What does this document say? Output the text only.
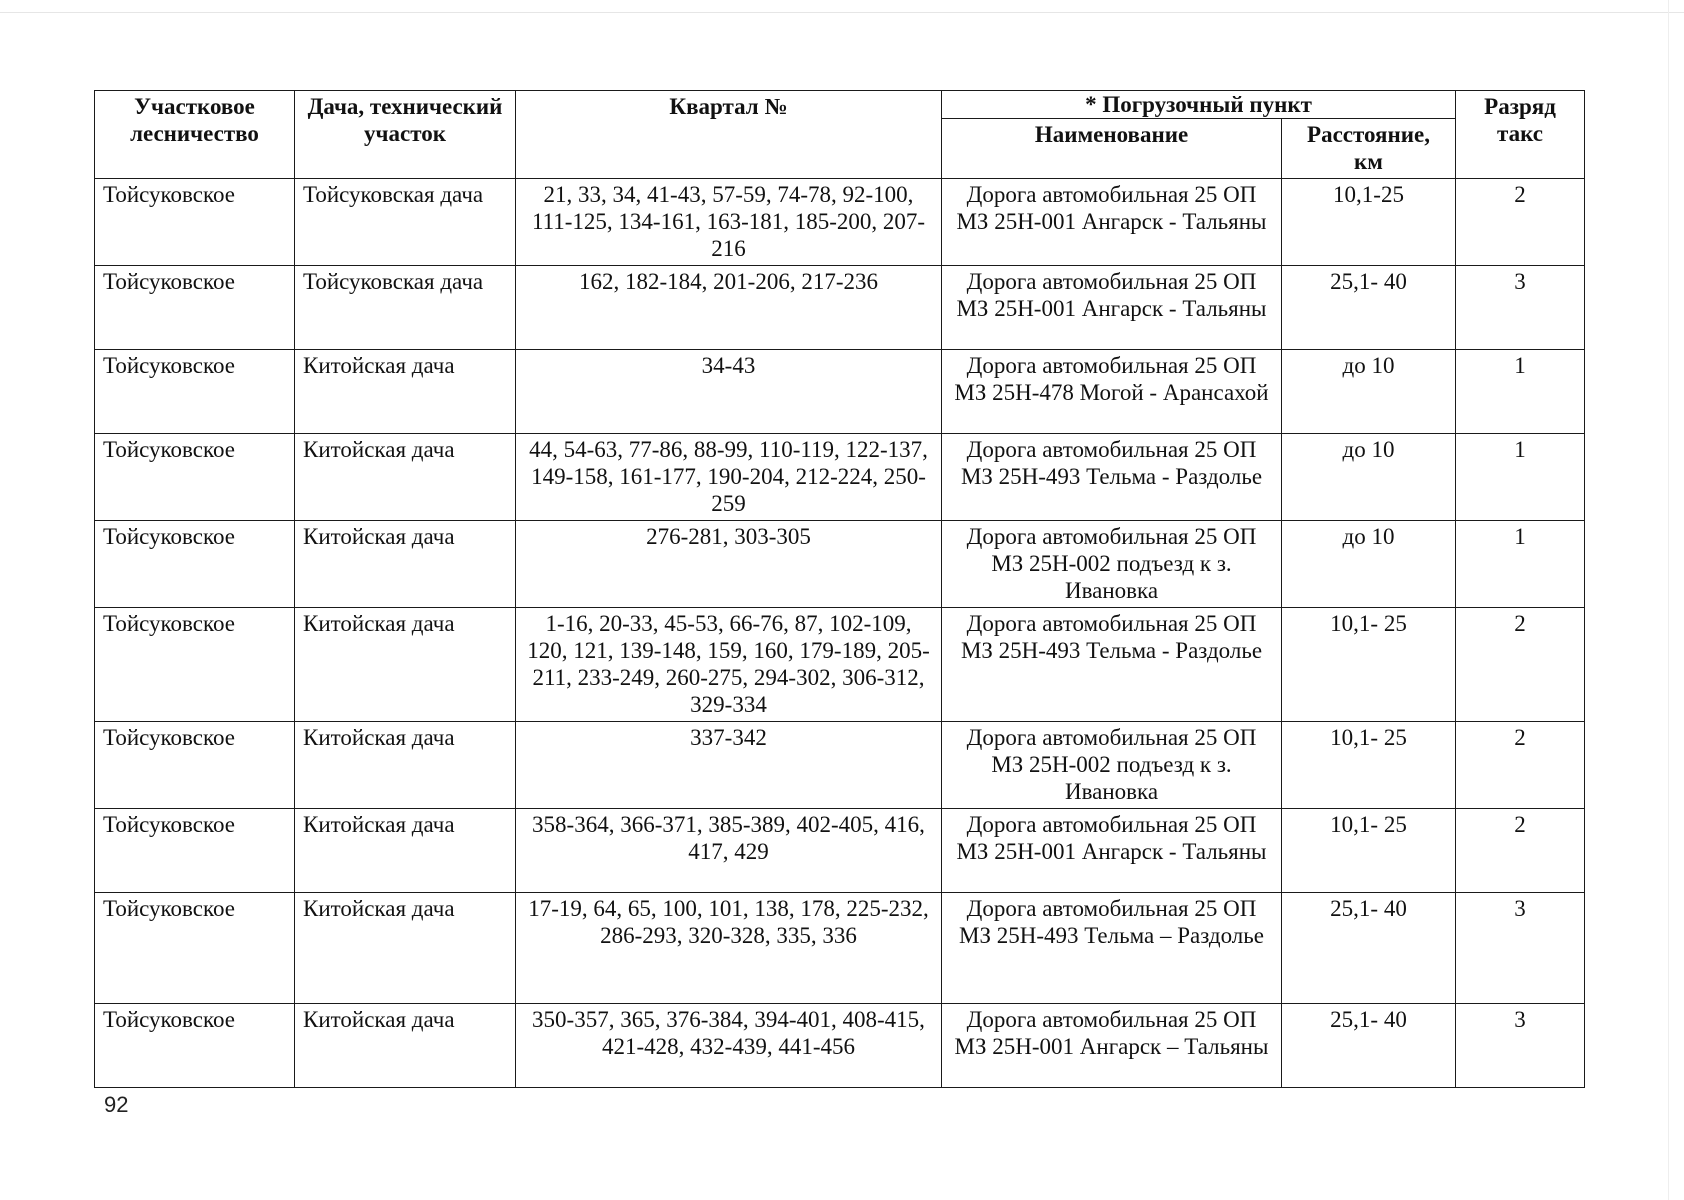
Участковое лесничество	Дача, технический участок	Квартал №	* Погрузочный пункт		Разряд такс
			Наименование	Расстояние, км	
Тойсуковское	Тойсуковская дача	21, 33, 34, 41-43, 57-59, 74-78, 92-100, 111-125, 134-161, 163-181, 185-200, 207-216	Дорога автомобильная 25 ОП МЗ 25Н-001 Ангарск - Тальяны	10,1-25	2
Тойсуковское	Тойсуковская дача	162, 182-184, 201-206, 217-236	Дорога автомобильная 25 ОП МЗ 25Н-001 Ангарск - Тальяны	25,1- 40	3
Тойсуковское	Китойская дача	34-43	Дорога автомобильная 25 ОП МЗ 25Н-478 Могой - Арансахой	до 10	1
Тойсуковское	Китойская дача	44, 54-63, 77-86, 88-99, 110-119, 122-137, 149-158, 161-177, 190-204, 212-224, 250-259	Дорога автомобильная 25 ОП МЗ 25Н-493 Тельма - Раздолье	до 10	1
Тойсуковское	Китойская дача	276-281, 303-305	Дорога автомобильная 25 ОП МЗ 25Н-002 подъезд к з. Ивановка	до 10	1
Тойсуковское	Китойская дача	1-16, 20-33, 45-53, 66-76, 87, 102-109, 120, 121, 139-148, 159, 160, 179-189, 205-211, 233-249, 260-275, 294-302, 306-312, 329-334	Дорога автомобильная 25 ОП МЗ 25Н-493 Тельма - Раздолье	10,1- 25	2
Тойсуковское	Китойская дача	337-342	Дорога автомобильная 25 ОП МЗ 25Н-002 подъезд к з. Ивановка	10,1- 25	2
Тойсуковское	Китойская дача	358-364, 366-371, 385-389, 402-405, 416, 417, 429	Дорога автомобильная 25 ОП МЗ 25Н-001 Ангарск - Тальяны	10,1- 25	2
Тойсуковское	Китойская дача	17-19, 64, 65, 100, 101, 138, 178, 225-232, 286-293, 320-328, 335, 336	Дорога автомобильная 25 ОП МЗ 25Н-493 Тельма – Раздолье	25,1- 40	3
Тойсуковское	Китойская дача	350-357, 365, 376-384, 394-401, 408-415, 421-428, 432-439, 441-456	Дорога автомобильная 25 ОП МЗ 25Н-001 Ангарск – Тальяны	25,1- 40	3
92
